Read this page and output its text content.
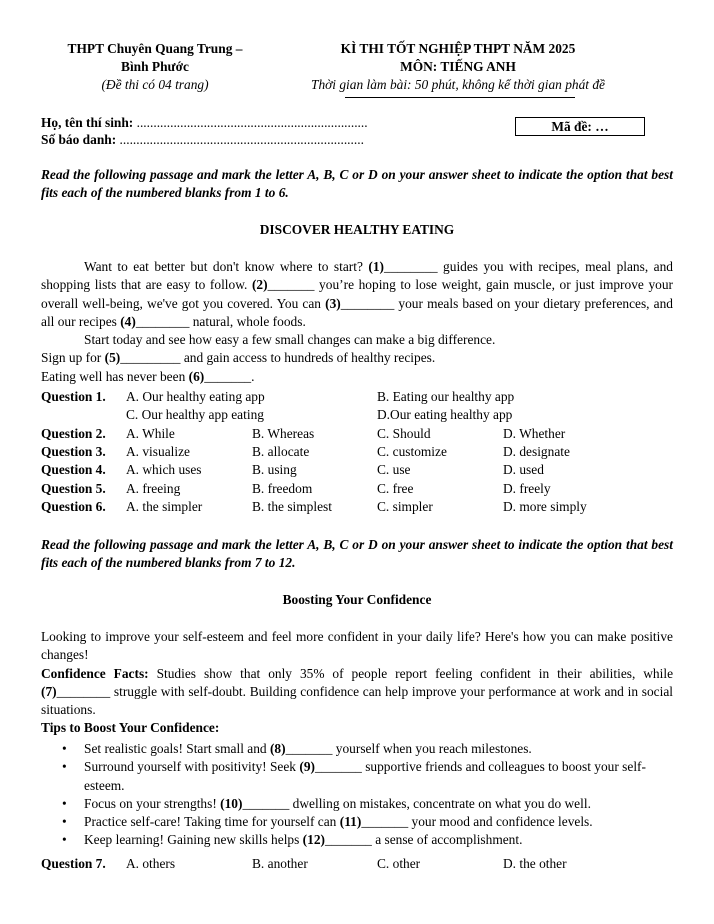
THPT Chuyên Quang Trung –
Bình Phước
(Đề thi có 04 trang)
KÌ THI TỐT NGHIỆP THPT NĂM 2025
MÔN: TIẾNG ANH
Thời gian làm bài: 50 phút, không kể thời gian phát đề
Họ, tên thí sinh: .....................................................................
Số báo danh: .........................................................................
Mã đề: …
Read the following passage and mark the letter A, B, C or D on your answer sheet to indicate the option that best fits each of the numbered blanks from 1 to 6.
DISCOVER HEALTHY EATING

Want to eat better but don't know where to start? (1)________ guides you with recipes, meal plans, and shopping lists that are easy to follow. (2)_______ you’re hoping to lose weight, gain muscle, or just improve your overall well-being, we've got you covered. You can (3)________ your meals based on your dietary preferences, and all our recipes (4)________ natural, whole foods.

Start today and see how easy a few small changes can make a big difference.

Sign up for (5)_________ and gain access to hundreds of healthy recipes.

Eating well has never been (6)_______.

Question 1. A. Our healthy eating app	B. Eating our healthy app
C. Our healthy app eating	D.Our eating healthy app
Question 2. A. While	B. Whereas	C. Should	D. Whether
Question 3. A. visualize	B. allocate	C. customize	D. designate
Question 4. A. which uses	B. using	C. use	D. used
Question 5. A. freeing	B. freedom	C. free	D. freely
Question 6. A. the simpler	B. the simplest	C. simpler	D. more simply
Read the following passage and mark the letter A, B, C or D on your answer sheet to indicate the option that best fits each of the numbered blanks from 7 to 12.
Boosting Your Confidence

Looking to improve your self-esteem and feel more confident in your daily life? Here's how you can make positive changes!

Confidence Facts: Studies show that only 35% of people report feeling confident in their abilities, while (7)________ struggle with self-doubt. Building confidence can help improve your performance at work and in social situations.

Tips to Boost Your Confidence:

• Set realistic goals! Start small and (8)_______ yourself when you reach milestones.
• Surround yourself with positivity! Seek (9)_______ supportive friends and colleagues to boost your self-esteem.
• Focus on your strengths! (10)_______ dwelling on mistakes, concentrate on what you do well.
• Practice self-care! Taking time for yourself can (11)_______ your mood and confidence levels.
• Keep learning! Gaining new skills helps (12)_______ a sense of accomplishment.
Question 7. A. others	B. another	C. other	D. the other
